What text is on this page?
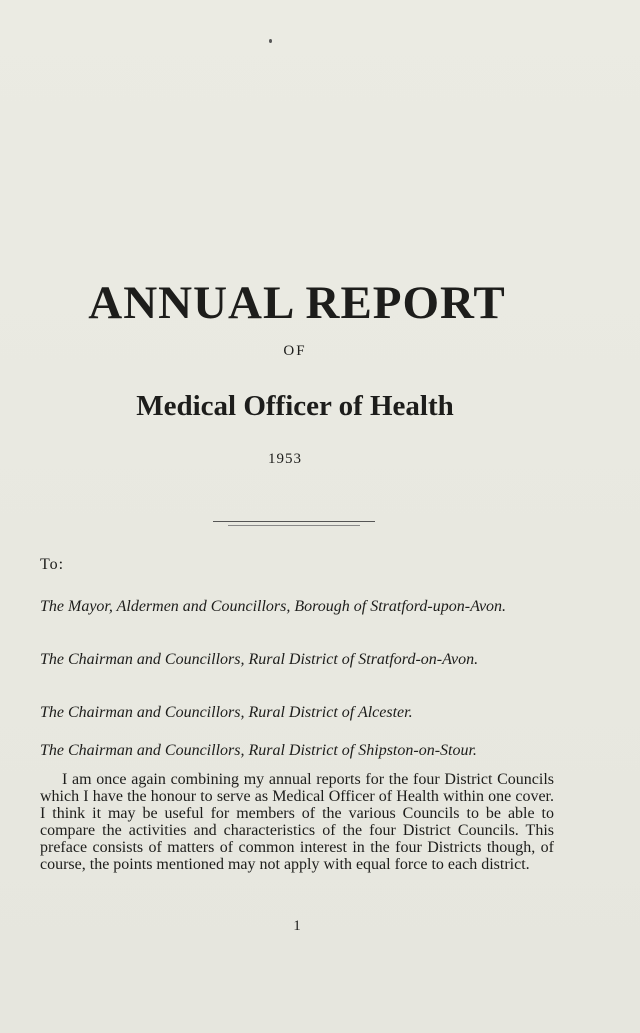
ANNUAL REPORT
OF
Medical Officer of Health
1953
To:
The Mayor, Aldermen and Councillors, Borough of Stratford-upon-Avon.
The Chairman and Councillors, Rural District of Stratford-on-Avon.
The Chairman and Councillors, Rural District of Alcester.
The Chairman and Councillors, Rural District of Shipston-on-Stour.
I am once again combining my annual reports for the four District Councils which I have the honour to serve as Medical Officer of Health within one cover. I think it may be useful for members of the various Councils to be able to compare the activities and characteristics of the four District Councils. This preface consists of matters of common interest in the four Districts though, of course, the points mentioned may not apply with equal force to each district.
1
